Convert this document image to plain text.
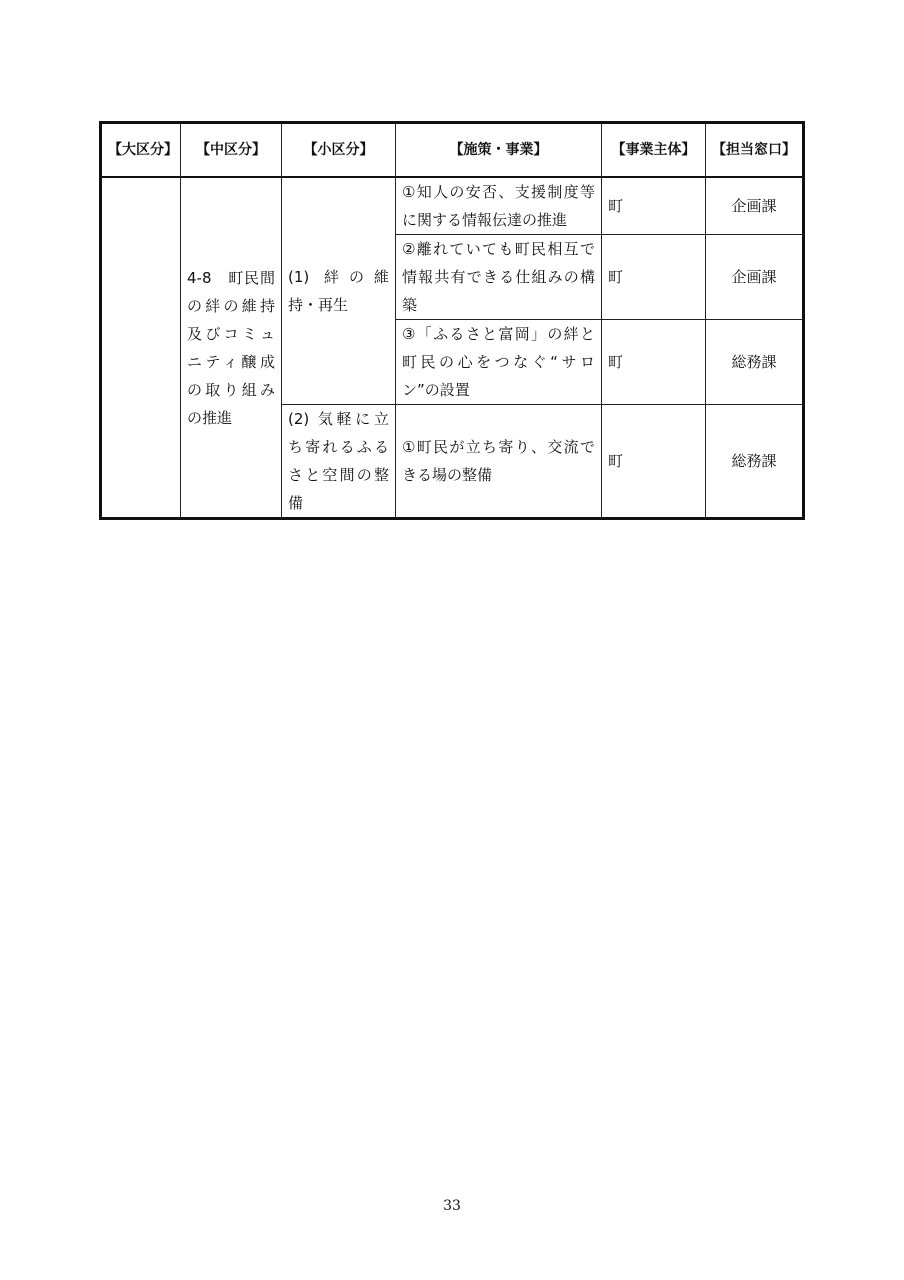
【大区分】	【中区分】	【小区分】	【施策・事業】	【事業主体】	【担当窓口】
	4-8　町民間の絆の維持及びコミュニティ醸成の取り組みの推進	(1) 絆の維持・再生	①知人の安否、支援制度等に関する情報伝達の推進	町	企画課
			②離れていても町民相互で情報共有できる仕組みの構築	町	企画課
			③「ふるさと富岡」の絆と町民の心をつなぐ“サロン”の設置	町	総務課
		(2) 気軽に立ち寄れるふるさと空間の整備	①町民が立ち寄り、交流できる場の整備	町	総務課
33
